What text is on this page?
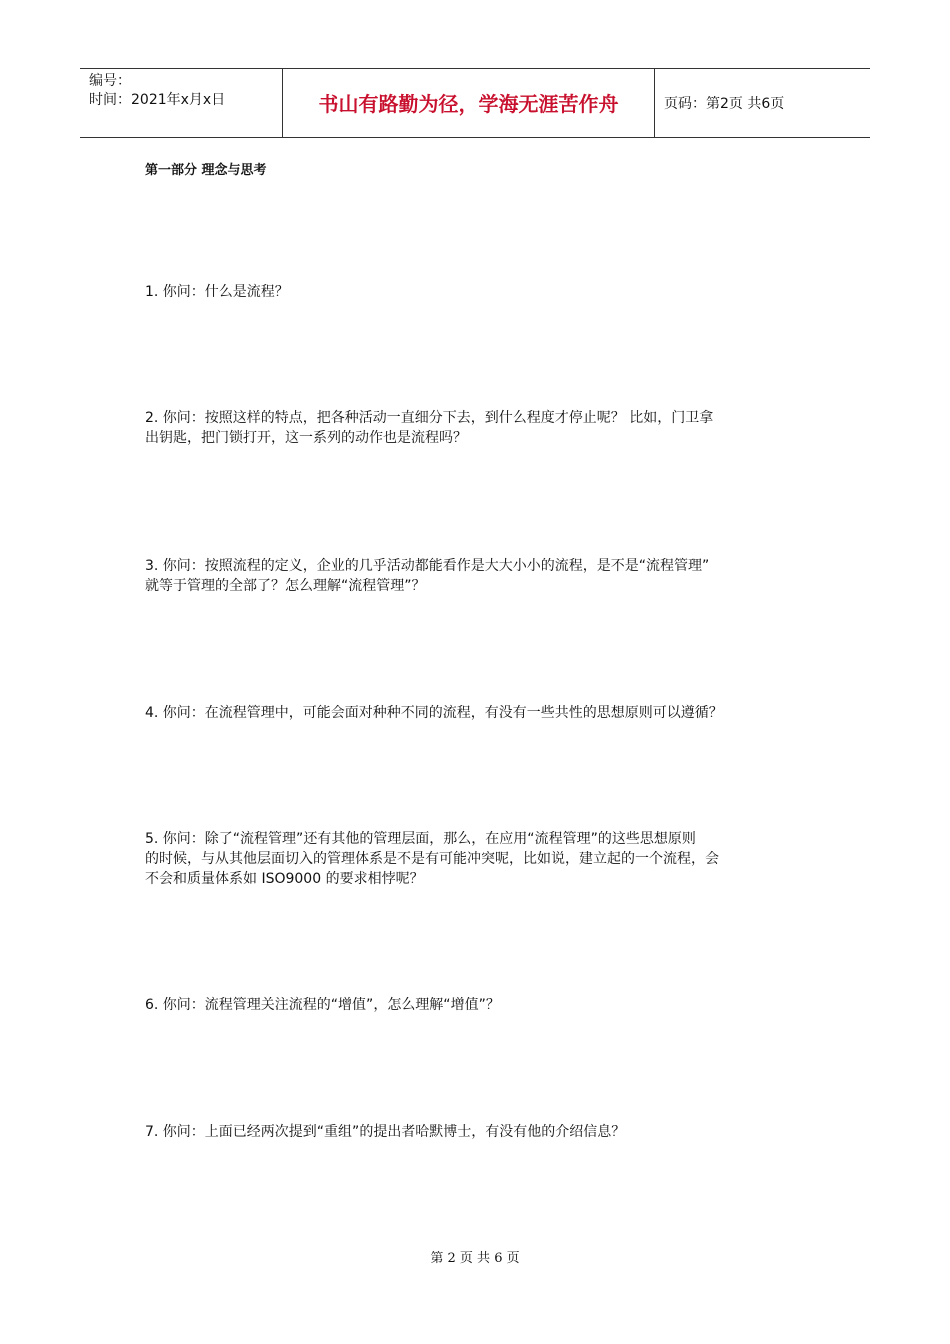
编号：
时间：2021年x月x日	书山有路勤为径，学海无涯苦作舟	页码：第2页 共6页
第一部分 理念与思考
1. 你问：什么是流程？
2. 你问：按照这样的特点，把各种活动一直细分下去，到什么程度才停止呢？ 比如，门卫拿
出钥匙，把门锁打开，这一系列的动作也是流程吗？
3. 你问：按照流程的定义，企业的几乎活动都能看作是大大小小的流程，是不是“流程管理”
就等于管理的全部了？怎么理解“流程管理”？
4. 你问：在流程管理中，可能会面对种种不同的流程，有没有一些共性的思想原则可以遵循？
5. 你问：除了“流程管理”还有其他的管理层面，那么，在应用“流程管理”的这些思想原则
的时候，与从其他层面切入的管理体系是不是有可能冲突呢，比如说，建立起的一个流程，会
不会和质量体系如 ISO9000 的要求相悖呢？
6. 你问：流程管理关注流程的“增值”，怎么理解“增值”？
7. 你问：上面已经两次提到“重组”的提出者哈默博士，有没有他的介绍信息？
第 2 页 共 6 页
